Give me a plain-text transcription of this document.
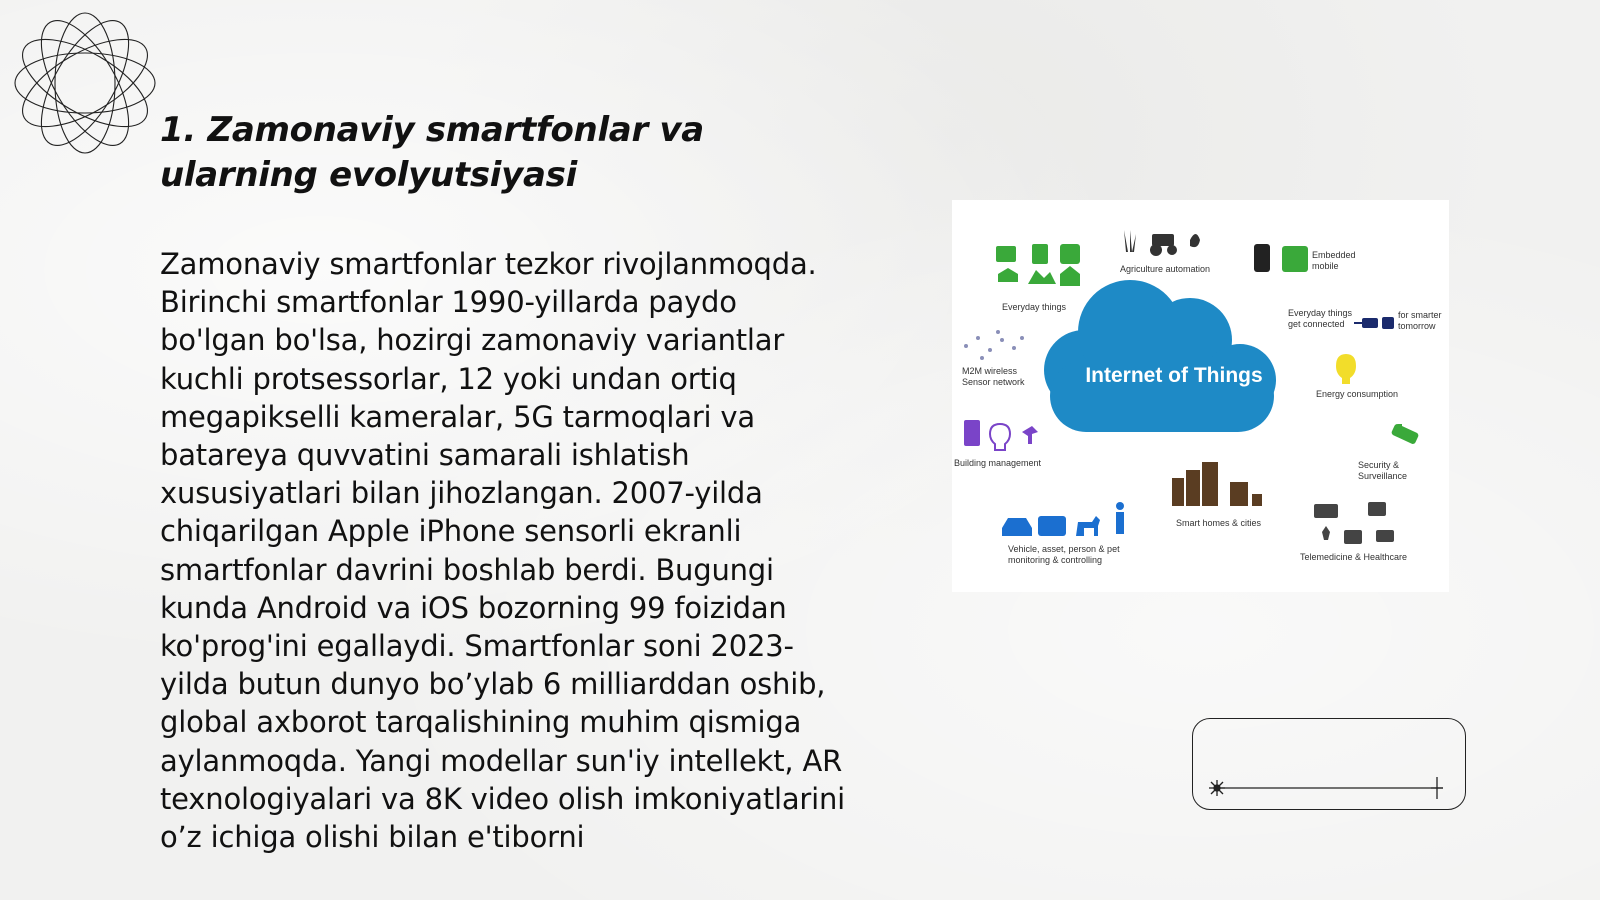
1. Zamonaviy smartfonlar va ularning evolyutsiyasi

Zamonaviy smartfonlar tezkor rivojlanmoqda. Birinchi smartfonlar 1990-yillarda paydo bo'lgan bo'lsa, hozirgi zamonaviy variantlar kuchli protsessorlar, 12 yoki undan ortiq megapikselli kameralar, 5G tarmoqlari va batareya quvvatini samarali ishlatish xususiyatlari bilan jihozlangan. 2007-yilda chiqarilgan Apple iPhone sensorli ekranli smartfonlar davrini boshlab berdi. Bugungi kunda Android va iOS bozorning 99 foizidan ko'prog'ini egallaydi. Smartfonlar soni 2023-yilda butun dunyo bo’ylab 6 milliarddan oshib, global axborot tarqalishining muhim qismiga aylanmoqda. Yangi modellar sun'iy intellekt, AR texnologiyalari va 8K video olish imkoniyatlarini o’z ichiga olishi bilan e'tiborni

Internet of Things
Everyday things
Agriculture automation
Embedded mobile
Everyday things get connected
for smarter tomorrow
M2M wireless Sensor network
Energy consumption
Building management	Security & Surveillance
Smart homes & cities
Vehicle, asset, person & pet monitoring & controlling	Telemedicine & Healthcare
